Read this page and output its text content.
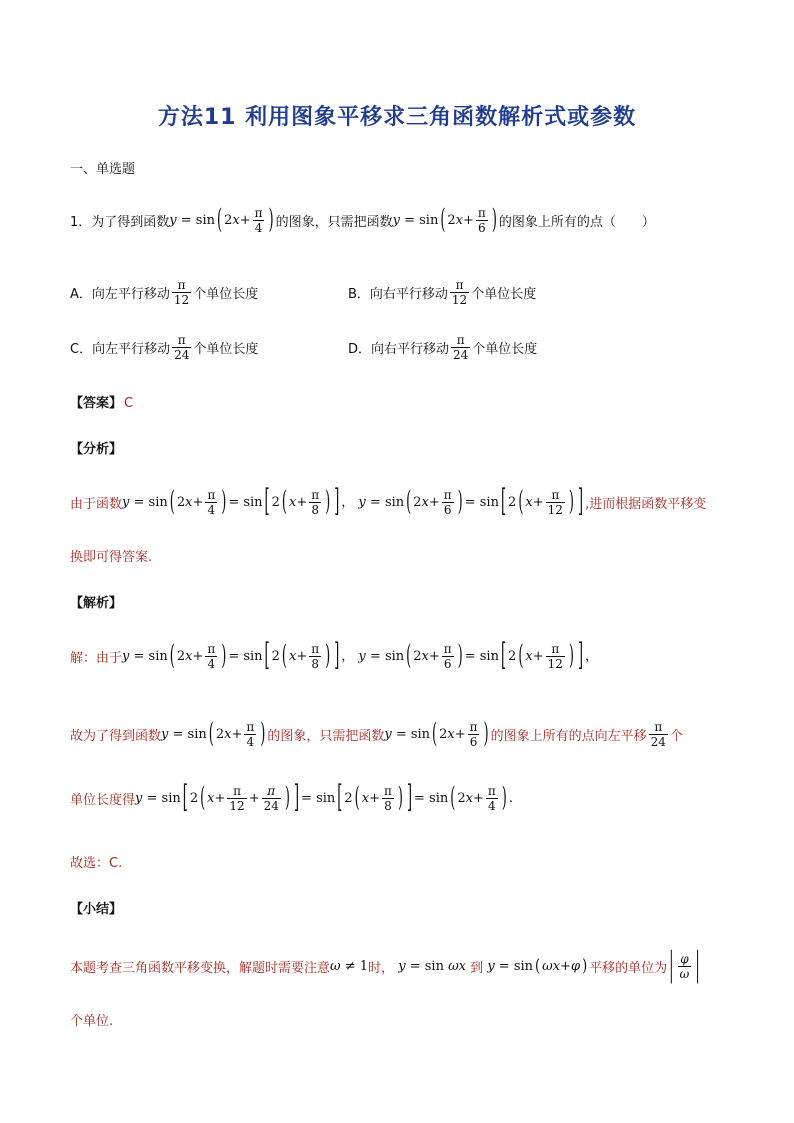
方法11 利用图象平移求三角函数解析式或参数
一、单选题
1．为了得到函数 y = sin ( $2x+ \frac{\pi}{4}$ ) 的图象，只需把函数 y = sin ( $2x+ \frac{\pi}{6}$ ) 的图象上所有的点（　　）
A．向左平行移动 $\frac{\pi}{12}$ 个单位长度	B．向右平行移动 $\frac{\pi}{12}$ 个单位长度
C．向左平行移动 $\frac{\pi}{24}$ 个单位长度	D．向右平行移动 $\frac{\pi}{24}$ 个单位长度
【答案】 C
【分析】
由于函数 y = sin ( $2x+ \frac{\pi}{4}$ ) = sin [ 2 ( $x+ \frac{\pi}{8}$ ) ] ， y = sin ( $2x+ \frac{\pi}{6}$ ) = sin [ 2 ( $x+ \frac{\pi}{12}$ ) ] ,进而根据函数平移变
换即可得答案.
【解析】
解：由于 y = sin ( $2x+ \frac{\pi}{4}$ ) = sin [ 2 ( $x+ \frac{\pi}{8}$ ) ] ， y = sin ( $2x+ \frac{\pi}{6}$ ) = sin [ 2 ( $x+ \frac{\pi}{12}$ ) ] ，
故为了得到函数 y = sin ( $2x+ \frac{\pi}{4}$ ) 的图象，只需把函数 y = sin ( $2x+ \frac{\pi}{6}$ ) 的图象上所有的点向左平移 $\frac{\pi}{24}$ 个
单位长度得 y = sin [ 2 ( $x+ \frac{\pi}{12} + \frac{\pi}{24}$ ) ] = sin [ 2 ( $x+ \frac{\pi}{8}$ ) ] = sin ( $2x+ \frac{\pi}{4}$ ) .
故选：C.
【小结】
本题考查三角函数平移变换，解题时需要注意 ω ≠ 1 时， y = sin ωx 到 y = sin ( ωx+φ ) 平移的单位为 | $\frac{\varphi}{\omega}$ |
个单位.
